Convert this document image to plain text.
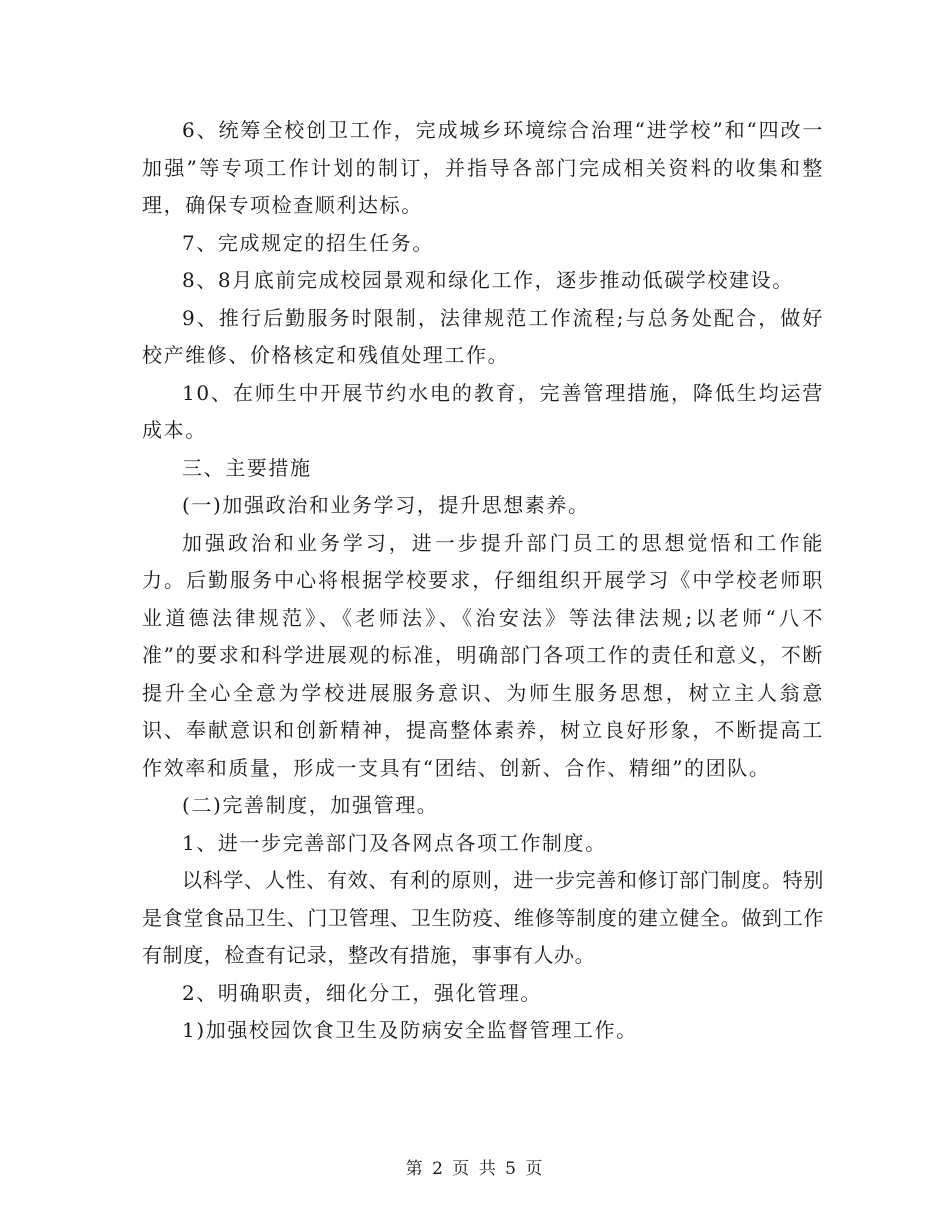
6、统筹全校创卫工作，完成城乡环境综合治理“进学校”和“四改一加强”等专项工作计划的制订，并指导各部门完成相关资料的收集和整理，确保专项检查顺利达标。

7、完成规定的招生任务。

8、8月底前完成校园景观和绿化工作，逐步推动低碳学校建设。

9、推行后勤服务时限制，法律规范工作流程;与总务处配合，做好校产维修、价格核定和残值处理工作。

10、在师生中开展节约水电的教育，完善管理措施，降低生均运营成本。

三、主要措施

(一)加强政治和业务学习，提升思想素养。

加强政治和业务学习，进一步提升部门员工的思想觉悟和工作能力。后勤服务中心将根据学校要求，仔细组织开展学习《中学校老师职业道德法律规范》、《老师法》、《治安法》等法律法规;以老师“八不准”的要求和科学进展观的标准，明确部门各项工作的责任和意义，不断提升全心全意为学校进展服务意识、为师生服务思想，树立主人翁意识、奉献意识和创新精神，提高整体素养，树立良好形象，不断提高工作效率和质量，形成一支具有“团结、创新、合作、精细”的团队。

(二)完善制度，加强管理。

1、进一步完善部门及各网点各项工作制度。

以科学、人性、有效、有利的原则，进一步完善和修订部门制度。特别是食堂食品卫生、门卫管理、卫生防疫、维修等制度的建立健全。做到工作有制度，检查有记录，整改有措施，事事有人办。

2、明确职责，细化分工，强化管理。

1)加强校园饮食卫生及防病安全监督管理工作。

第 2 页 共 5 页
